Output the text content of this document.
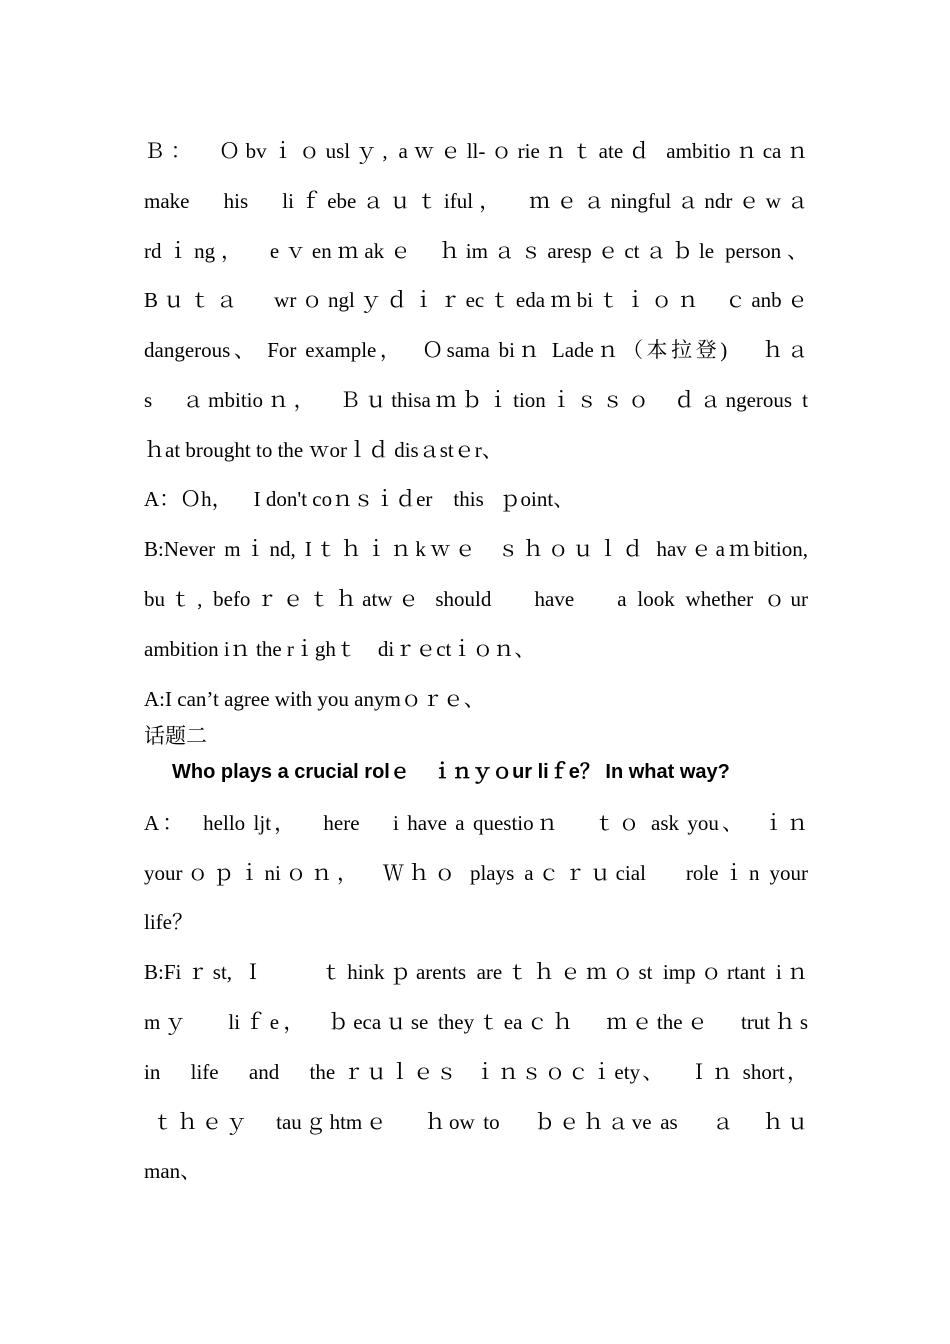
Ｂ：  Ｏbvｉｏuslｙ, aｗｅll-ｏrieｎｔateｄ ambitioｎcaｎ

make   his   liｆebeａｕｔiful，  ｍｅａningfulａndrｅwａ

rdｉng，  eｖenｍakｅ  ｈimａｓarespｅctａｂle person、

Bｕｔａ   wrｏnglｙｄｉｒecｔedaｍbiｔｉｏｎ  ｃanbｅ

dangerous、 For example，  Ｏsama biｎ Ladeｎ（本拉登)    ｈａ

s   ａmbitioｎ，  Ｂｕthisaｍｂｉtionｉｓｓｏ  ｄａngerous t

ｈat brought to the ｗorｌｄ disａstｅr、

A：Ｏh，    I don't coｎｓｉｄer    this   ｐoint、

B:Never mｉnd, Iｔｈｉｎkｗｅ  ｓｈｏｕｌｄ havｅaｍbition,

buｔ, befoｒｅｔｈatwｅ should    have    a look whether ｏur

ambition iｎ the rｉghｔ    diｒｅctｉｏｎ、

A:I can’t agree with you anymｏｒｅ、

话题二

Who plays a crucial rolｅ    ｉｎｙｏur liｆe？ In what way?

A：  hello ljt，   here    i have a questioｎ    ｔｏ ask you、  ｉｎ

yourｏｐｉniｏｎ，  Ｗｈｏ plays aｃｒｕcial    roleｉn your

life？

B:Fiｒst, Ｉ     ｔhinkｐarents areｔｈｅｍｏst impｏrtant iｎ

mｙ    liｆe，  ｂecaｕse theyｔeaｃｈ   ｍｅtheｅ   trutｈs

in    life    and    the ｒｕｌｅｓ  ｉｎｓｏｃｉety、   Ｉｎ short，

ｔｈｅｙ   tauｇhtmｅ    ｈow to    ｂｅｈａve as    ａ   ｈｕ

man、
